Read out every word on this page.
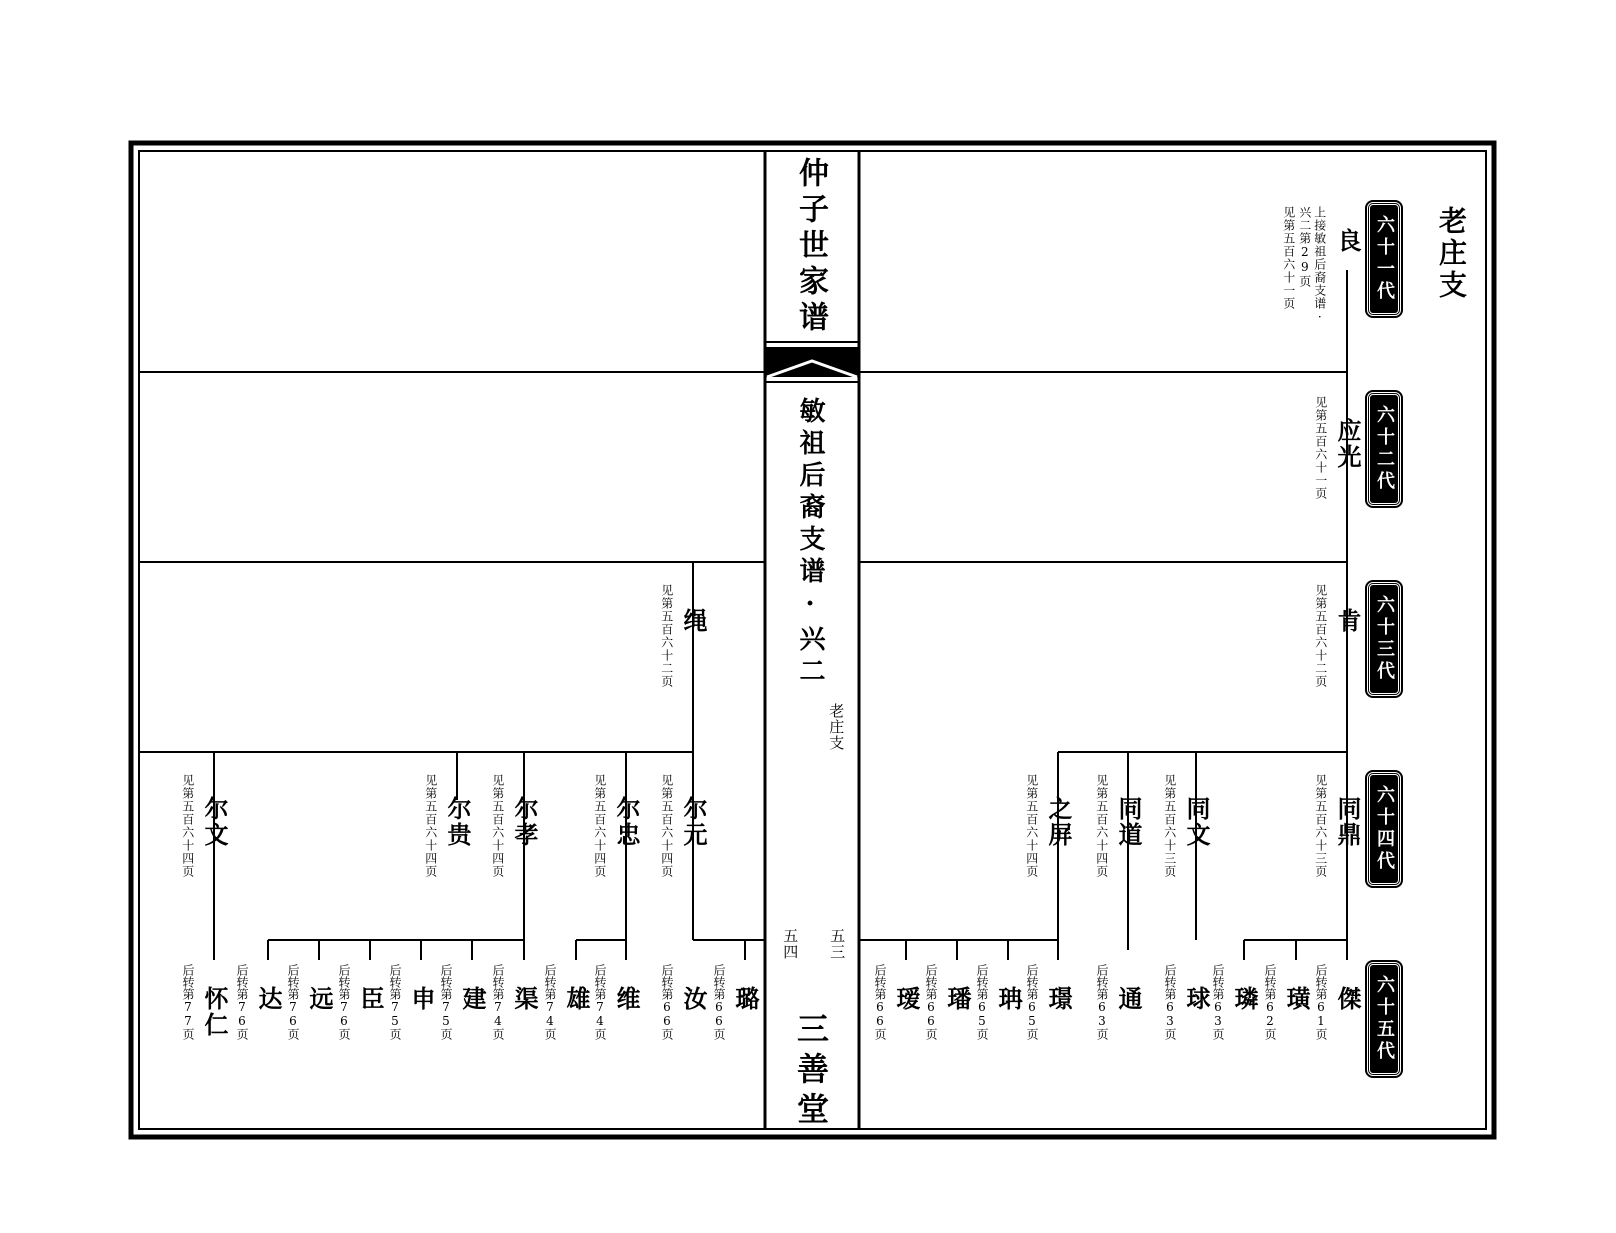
仲子世家谱
敏祖后裔支谱·兴二
老庄支
五四 五三
三善堂
老庄支
六十一代
六十二代
六十三代
六十四代
六十五代
上接敏祖后裔支谱·
兴二第29页 良
见第五百六十一页
应光
见第五百六十一页
肯
见第五百六十二页
同鼎
见第五百六十三页
同文
见第五百六十三页
同道
见第五百六十四页
之屏
见第五百六十四页
傑
后转第61页
璜
后转第62页
璘
后转第63页
球
后转第63页
通
后转第63页
璟
后转第65页
珃
后转第65页
璠
后转第66页
瑷
后转第66页
绳
见第五百六十二页
尔元
见第五百六十四页
尔忠
见第五百六十四页
尔孝
见第五百六十四页
尔贵
见第五百六十四页
尔文
见第五百六十四页
璐
后转第66页
汝
后转第66页
维
后转第74页
雄
后转第74页
渠
后转第74页
建
后转第75页
申
后转第75页
臣
后转第76页
远
后转第76页
达
后转第76页
怀仁
后转第77页
